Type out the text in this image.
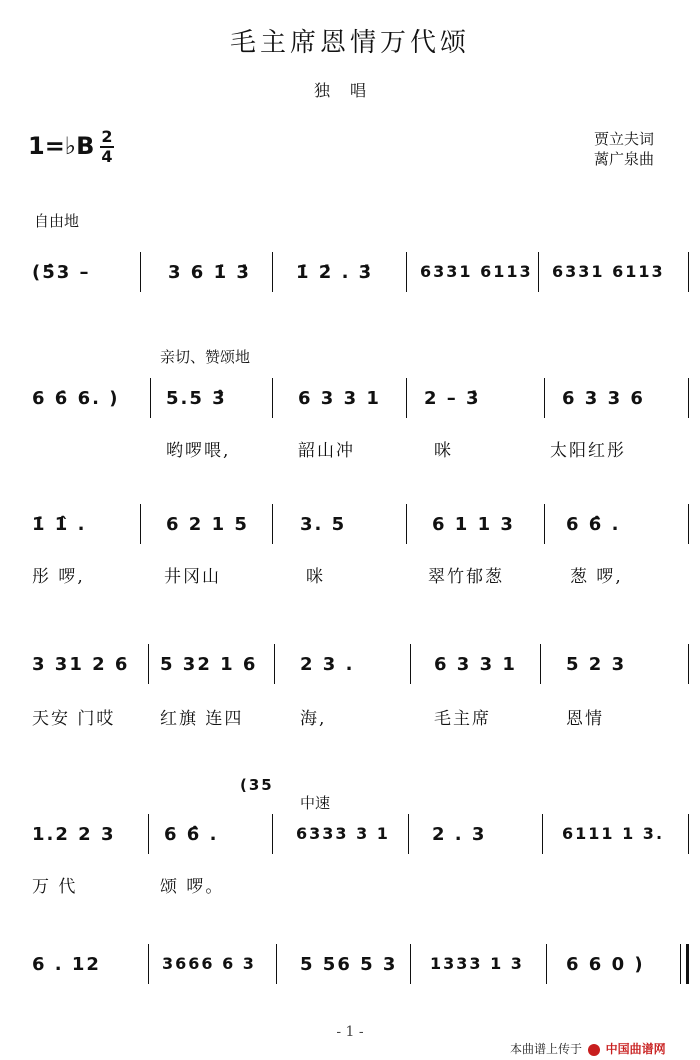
毛主席恩情万代颂
独唱
1=♭B 2
4
贾立夫词
蓠广泉曲
自由地
亲切、赞颂地
中速
(35
(5̂3 –	3 6 1̇ 3̇	1̇ 2̇ . 3̇	6331 6113 6331 6113
6 6̇ 6. )	5.5 3̂	6 3 3 1 2 – 3̇	6 3 3 6
哟啰喂,	韶山冲	咪	太阳红彤
1̇ 1̂ .	6 2 1 5	3. 5	6 1 1 3	6 6̂ .
彤 啰,	井冈山	咪	翠竹郁葱	葱 啰,
3 31 2 6 5 32 1 6 2 3 .	6 3 3 1	5 2 3
天安 门哎	红旗 连四	海,	毛主席	恩情
1.2 2 3	6 6̂ .	6333 3 1 2 . 3	6111 1 3.
万 代	颂 啰。
6 . 12	3666 6 3 5 56 5 3 1333 1 3 6 6 0 )
- 1 -
本曲谱上传于 中国曲谱网
